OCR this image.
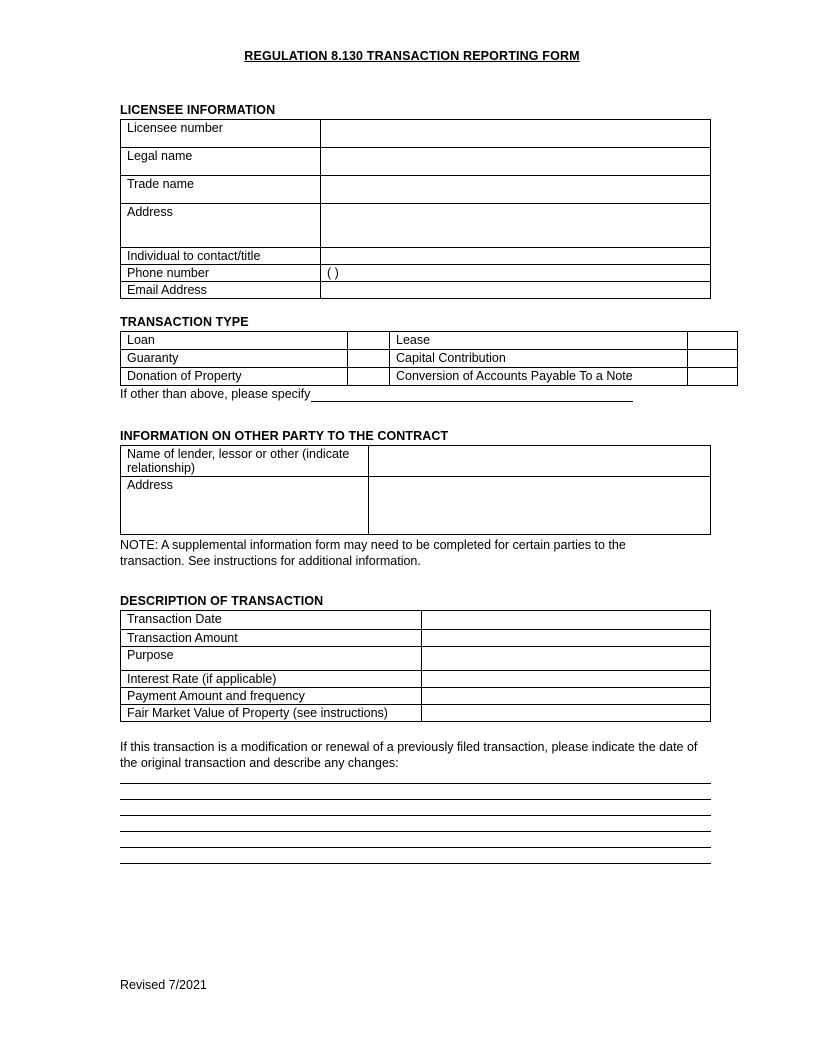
REGULATION 8.130 TRANSACTION REPORTING FORM
LICENSEE INFORMATION
Licensee number	
Legal name	
Trade name	
Address	
Individual to contact/title	
Phone number	( )
Email Address	
TRANSACTION TYPE
Loan		Lease	
Guaranty		Capital Contribution	
Donation of Property		Conversion of Accounts Payable To a Note	
If other than above, please specify
INFORMATION ON OTHER PARTY TO THE CONTRACT
Name of lender, lessor or other (indicate relationship)	
Address	
NOTE: A supplemental information form may need to be completed for certain parties to the transaction. See instructions for additional information.
DESCRIPTION OF TRANSACTION
Transaction Date	
Transaction Amount	
Purpose	
Interest Rate (if applicable)	
Payment Amount and frequency	
Fair Market Value of Property (see instructions)	
If this transaction is a modification or renewal of a previously filed transaction, please indicate the date of the original transaction and describe any changes:
Revised 7/2021
